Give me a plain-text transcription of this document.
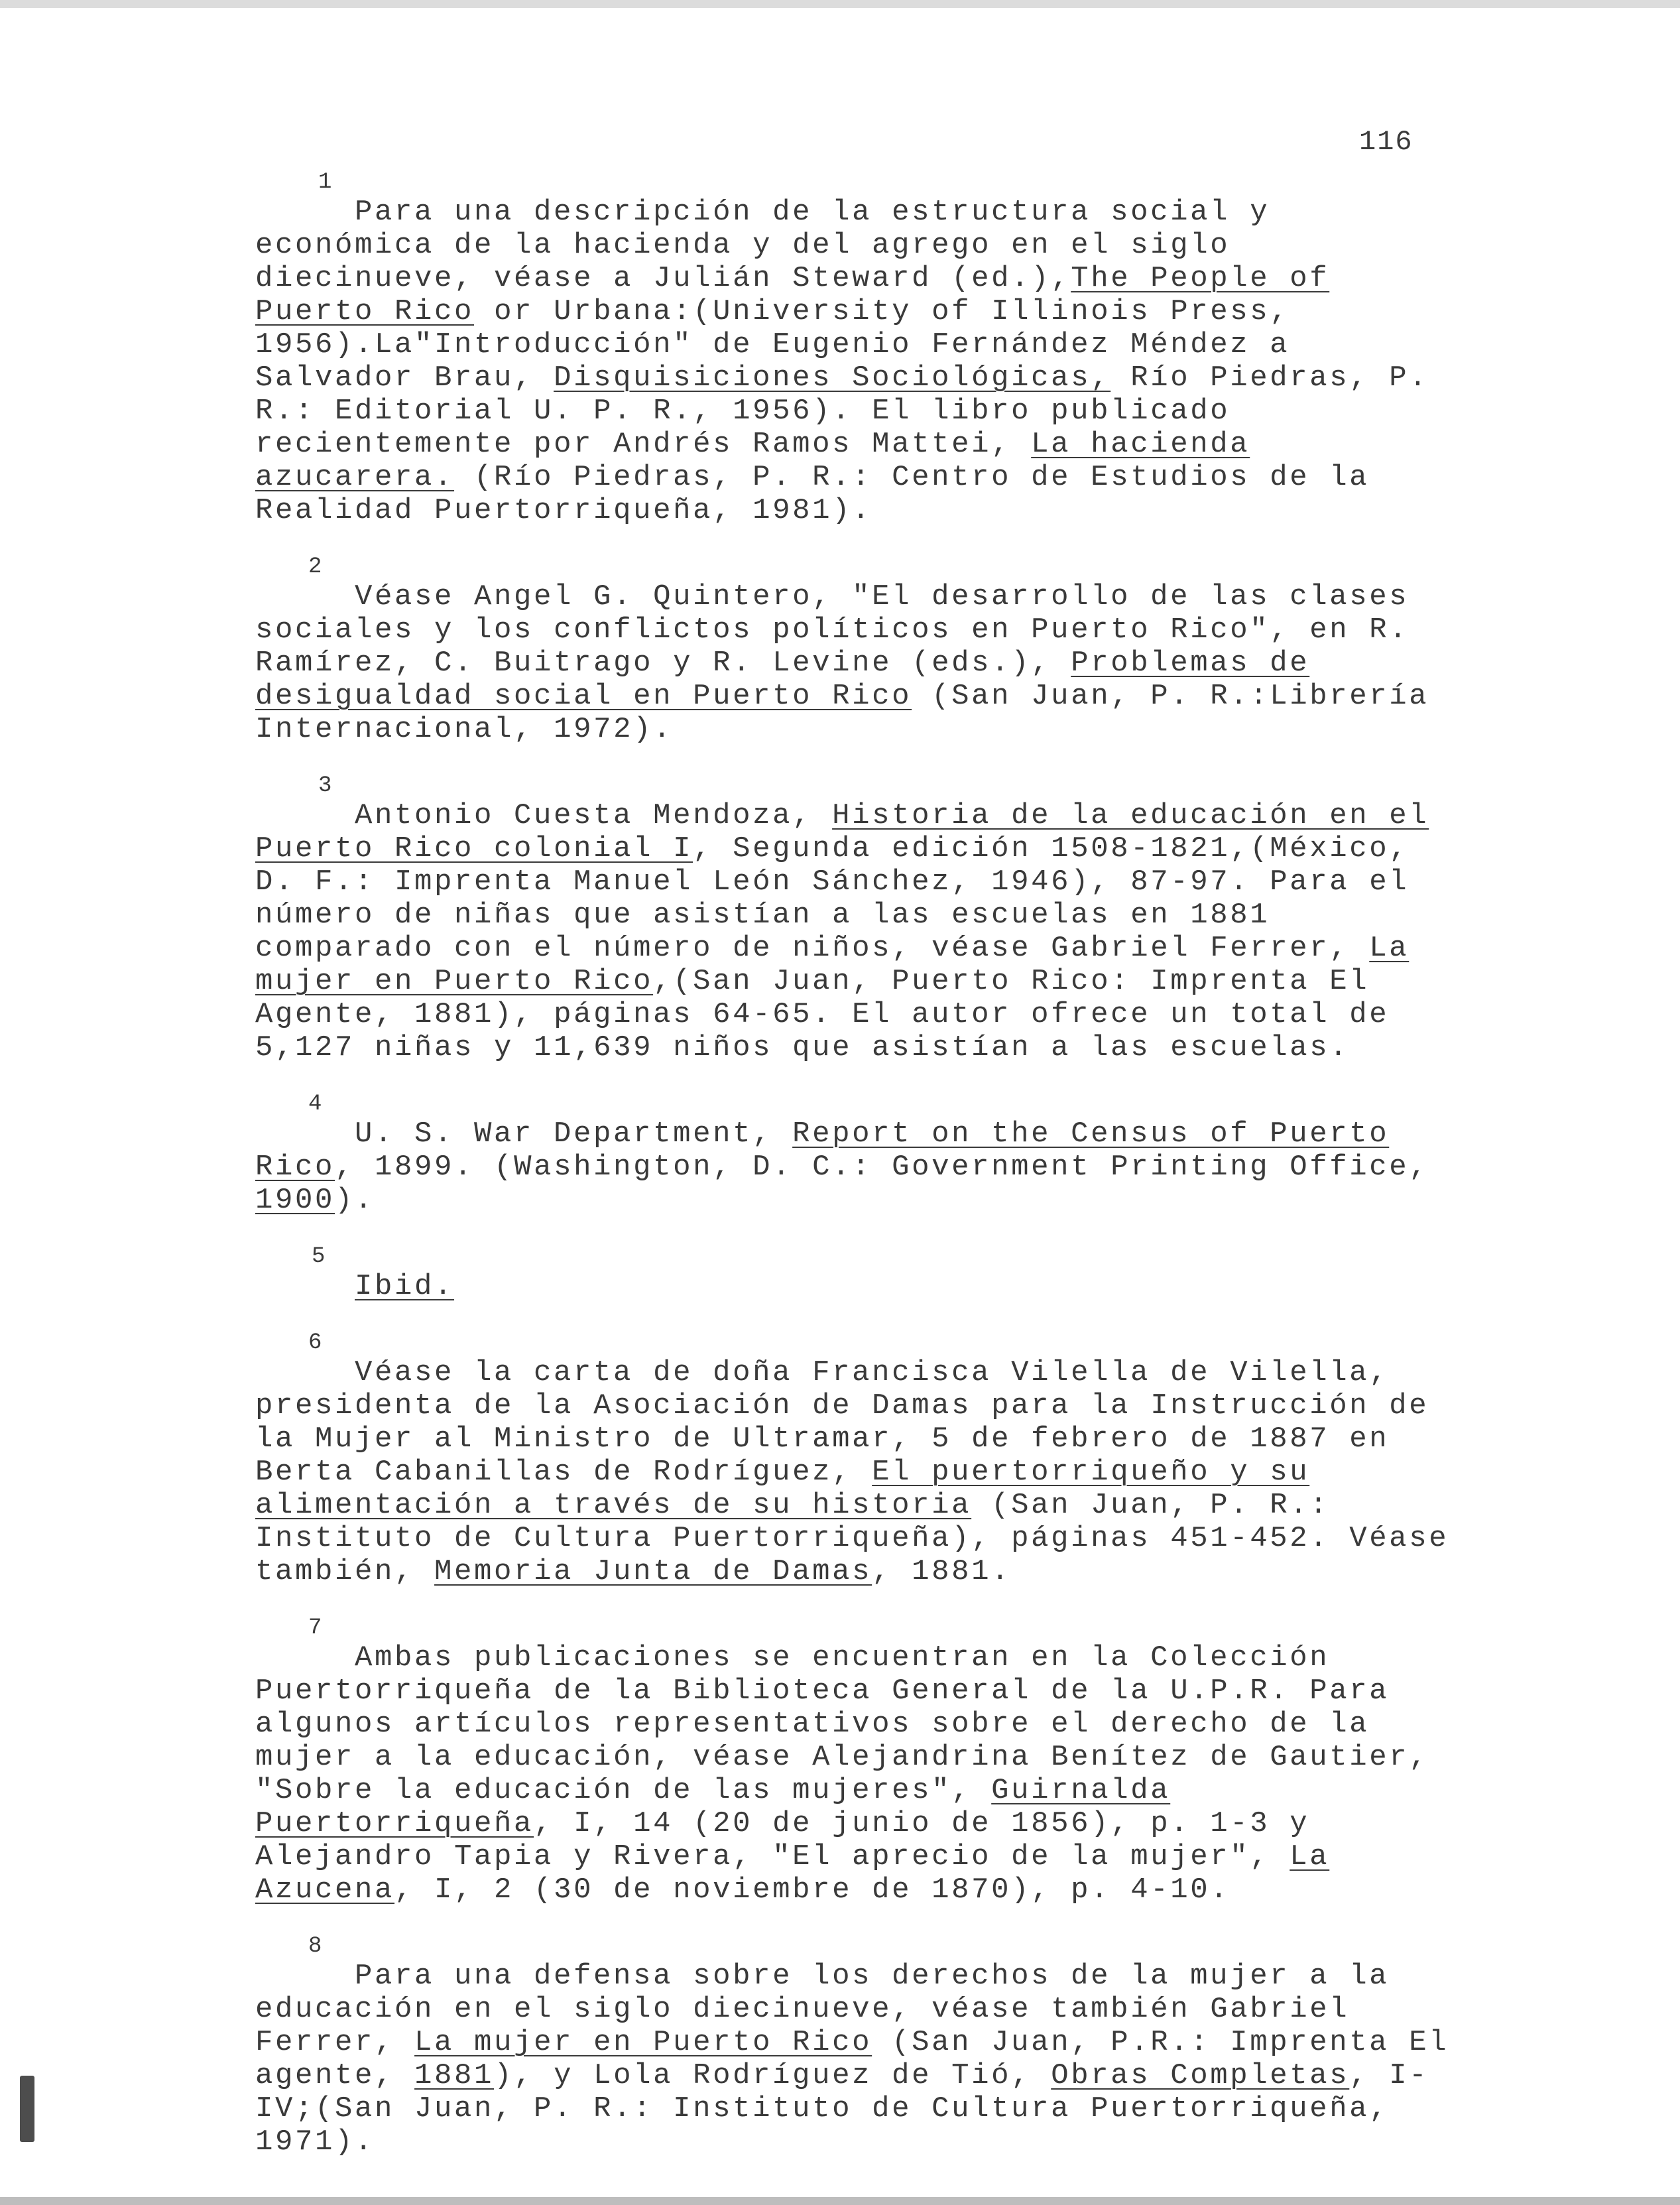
116
1

Para una descripción de la estructura social y económica de la hacienda y del agrego en el siglo diecinueve, véase a Julián Steward (ed.),The People of Puerto Rico or Urbana:(University of Illinois Press, 1956).La"Introducción" de Eugenio Fernández Méndez a Salvador Brau, Disquisiciones Sociológicas, Río Piedras, P. R.: Editorial U. P. R., 1956). El libro publicado recientemente por Andrés Ramos Mattei, La hacienda azucarera. (Río Piedras, P. R.: Centro de Estudios de la Realidad Puertorriqueña, 1981).

2

Véase Angel G. Quintero, "El desarrollo de las clases sociales y los conflictos políticos en Puerto Rico", en R. Ramírez, C. Buitrago y R. Levine (eds.), Problemas de desigualdad social en Puerto Rico (San Juan, P. R.:Librería Internacional, 1972).

3

Antonio Cuesta Mendoza, Historia de la educación en el Puerto Rico colonial I, Segunda edición 1508-1821,(México, D. F.: Imprenta Manuel León Sánchez, 1946), 87-97. Para el número de niñas que asistían a las escuelas en 1881 comparado con el número de niños, véase Gabriel Ferrer, La mujer en Puerto Rico,(San Juan, Puerto Rico: Imprenta El Agente, 1881), páginas 64-65. El autor ofrece un total de 5,127 niñas y 11,639 niños que asistían a las escuelas.

4

U. S. War Department, Report on the Census of Puerto Rico, 1899. (Washington, D. C.: Government Printing Office, 1900).

5

Ibid.

6

Véase la carta de doña Francisca Vilella de Vilella, presidenta de la Asociación de Damas para la Instrucción de la Mujer al Ministro de Ultramar, 5 de febrero de 1887 en Berta Cabanillas de Rodríguez, El puertorriqueño y su alimentación a través de su historia (San Juan, P. R.: Instituto de Cultura Puertorriqueña), páginas 451-452. Véase también, Memoria Junta de Damas, 1881.

7

Ambas publicaciones se encuentran en la Colección Puertorriqueña de la Biblioteca General de la U.P.R. Para algunos artículos representativos sobre el derecho de la mujer a la educación, véase Alejandrina Benítez de Gautier, "Sobre la educación de las mujeres", Guirnalda Puertorriqueña, I, 14 (20 de junio de 1856), p. 1-3 y Alejandro Tapia y Rivera, "El aprecio de la mujer", La Azucena, I, 2 (30 de noviembre de 1870), p. 4-10.

8

Para una defensa sobre los derechos de la mujer a la educación en el siglo diecinueve, véase también Gabriel Ferrer, La mujer en Puerto Rico (San Juan, P.R.: Imprenta El agente, 1881), y Lola Rodríguez de Tió, Obras Completas, I-IV;(San Juan, P. R.: Instituto de Cultura Puertorriqueña, 1971).
